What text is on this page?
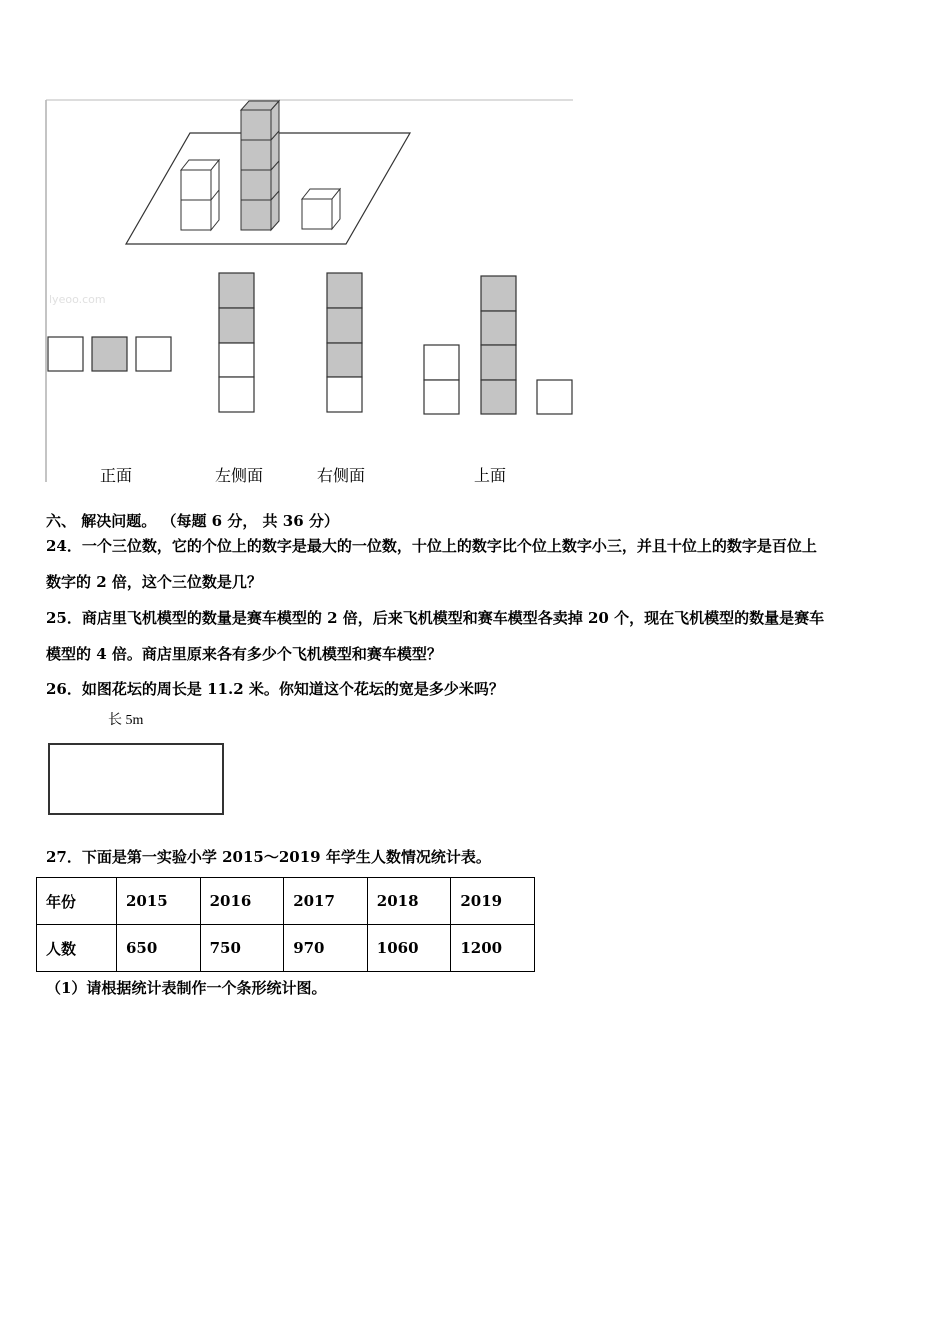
lyeoo.com
正面	左侧面	右侧面	上面
六、 解决问题。 （每题 6 分， 共 36 分）
24．一个三位数，它的个位上的数字是最大的一位数，十位上的数字比个位上数字小三，并且十位上的数字是百位上
数字的 2 倍，这个三位数是几？
25．商店里飞机模型的数量是赛车模型的 2 倍，后来飞机模型和赛车模型各卖掉 20 个，现在飞机模型的数量是赛车
模型的 4 倍。商店里原来各有多少个飞机模型和赛车模型？
26．如图花坛的周长是 11.2 米。你知道这个花坛的宽是多少米吗？
长 5m
27．下面是第一实验小学 2015～2019 年学生人数情况统计表。
年份	2015	2016	2017	2018	2019
人数	650	750	970	1060	1200
（1）请根据统计表制作一个条形统计图。
